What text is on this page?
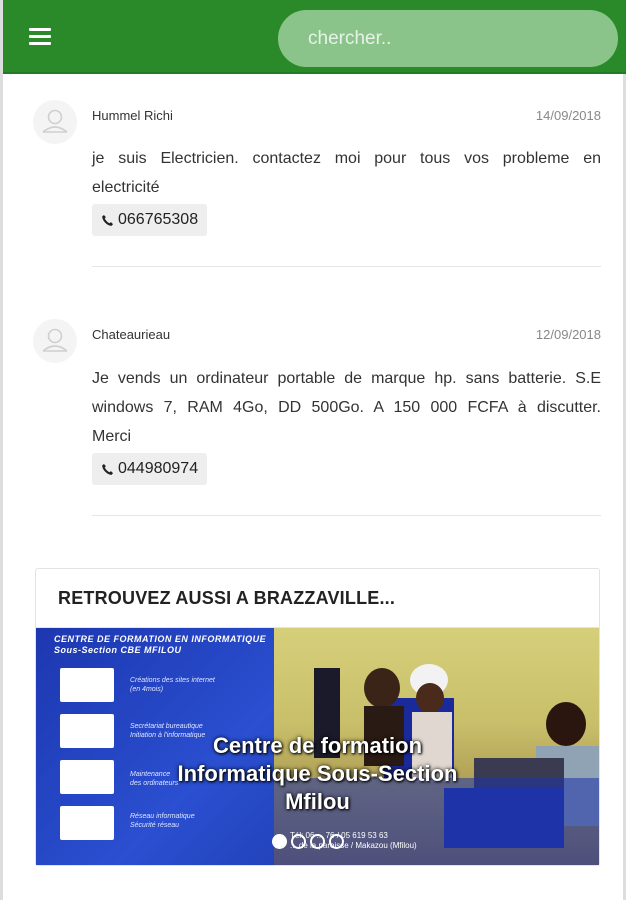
chercher..
Hummel Richi	14/09/2018
je suis Electricien. contactez moi pour tous vos probleme en electricité
066765308
Chateaurieau	12/09/2018
Je vends un ordinateur portable de marque hp. sans batterie. S.E windows 7, RAM 4Go, DD 500Go. A 150 000 FCFA à discutter. Merci
044980974
RETROUVEZ AUSSI A BRAZZAVILLE...
CENTRE DE FORMATION EN INFORMATIQUE
Sous-Section CBE MFILOU
Créations des sites internet
(en 4mois)
Secrétariat bureautique
Initiation à l'informatique
Maintenance
des ordinateurs
Réseau informatique
Sécurité réseau
Tél: 06 ... 76 / 05 619 53 63
... de la paroisse / Makazou (Mfilou)
Centre de formation
Informatique Sous-Section
Mfilou
